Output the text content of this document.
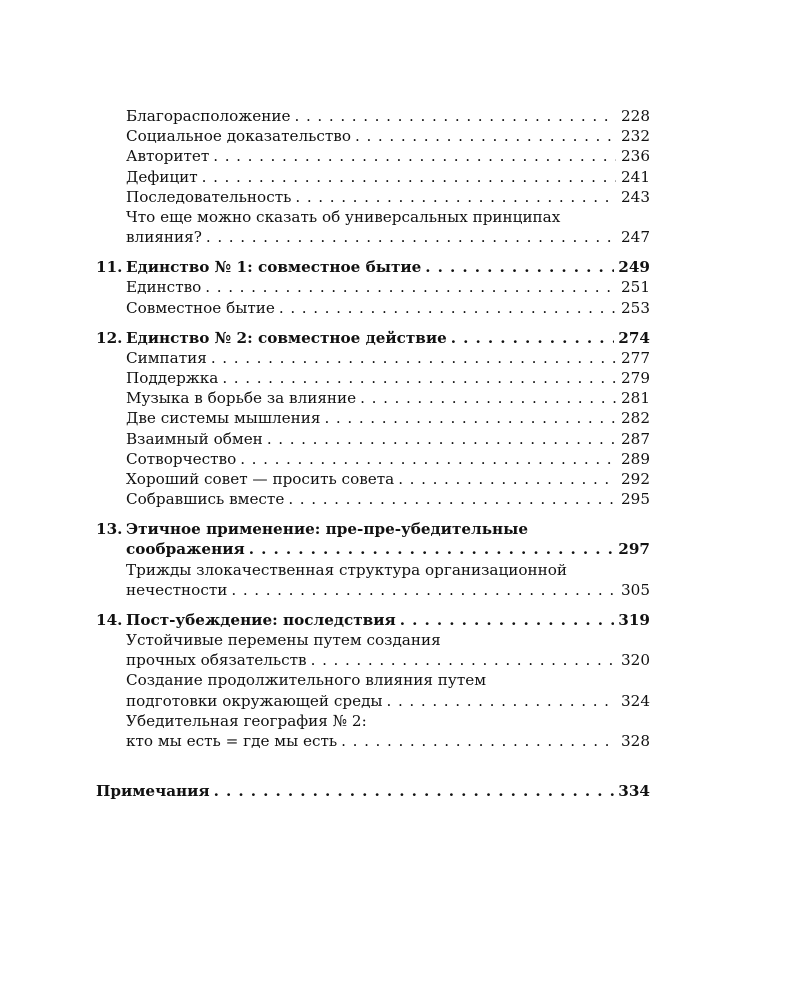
Благорасположение . . .	228
Социальное доказательство . . .	232
Авторитет . . .	236
Дефицит . . .	241
Последовательность . . .	243
Что еще можно сказать об универсальных принципах
влияния? . . .	247
11. Единство № 1: совместное бытие . . .	249
Единство . . .	251
Совместное бытие . . .	253
12. Единство № 2: совместное действие . . .	274
Симпатия . . .	277
Поддержка . . .	279
Музыка в борьбе за влияние . . .	281
Две системы мышления . . .	282
Взаимный обмен . . .	287
Сотворчество . . .	289
Хороший совет — просить совета . . .	292
Собравшись вместе . . .	295
13. Этичное применение: пре-пре-убедительные
соображения . . .	297
Трижды злокачественная структура организационной
нечестности . . .	305
14. Пост-убеждение: последствия . . .	319
Устойчивые перемены путем создания
прочных обязательств . . .	320
Создание продолжительного влияния путем
подготовки окружающей среды . . .	324
Убедительная география № 2:
кто мы есть = где мы есть . . .	328
Примечания . . .	334
